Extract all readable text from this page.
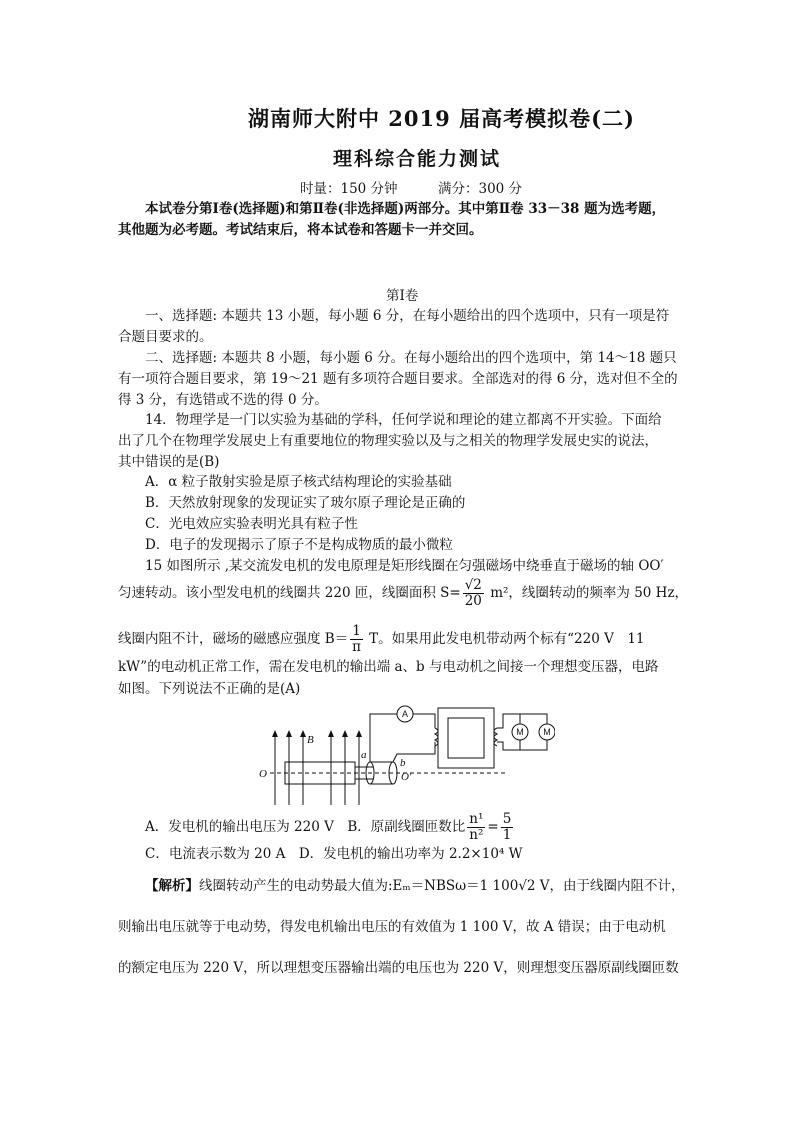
湖南师大附中 2019 届高考模拟卷(二)
理科综合能力测试
时量：150 分钟	满分：300 分
本试卷分第Ⅰ卷(选择题)和第Ⅱ卷(非选择题)两部分。其中第Ⅱ卷 33－38 题为选考题，
其他题为必考题。考试结束后，将本试卷和答题卡一并交回。
第Ⅰ卷
一、选择题: 本题共 13 小题，每小题 6 分，在每小题给出的四个选项中，只有一项是符
合题目要求的。
二、选择题: 本题共 8 小题，每小题 6 分。在每小题给出的四个选项中，第 14～18 题只
有一项符合题目要求，第 19～21 题有多项符合题目要求。全部选对的得 6 分，选对但不全的
得 3 分，有选错或不选的得 0 分。
14．物理学是一门以实验为基础的学科，任何学说和理论的建立都离不开实验。下面给
出了几个在物理学发展史上有重要地位的物理实验以及与之相关的物理学发展史实的说法，
其中错误的是(B)
A．α 粒子散射实验是原子核式结构理论的实验基础
B．天然放射现象的发现证实了玻尔原子理论是正确的
C．光电效应实验表明光具有粒子性
D．电子的发现揭示了原子不是构成物质的最小微粒
15 如图所示 ,某交流发电机的发电原理是矩形线圈在匀强磁场中绕垂直于磁场的轴 OO′
匀速转动。该小型发电机的线圈共 220 匝，线圈面积 $S= \frac{√2}{20} m^2$，线圈转动的频率为 50 Hz，
线圈内阻不计，磁场的磁感应强度 $B= \frac{1}{\pi}$ T。如果用此发电机带动两个标有“220 V　11
kW”的电动机正常工作，需在发电机的输出端 a、b 与电动机之间接一个理想变压器，电路
如图。下列说法不正确的是(A)
B
a
b
O	O′
A
M M
A．发电机的输出电压为 220 V　B．原副线圈匝数比 $\frac{\text{n¹}}{\text{n²}} = \frac{5}{1}$
C．电流表示数为 20 A　D．发电机的输出功率为 2.2×10⁴ W
【解析】线圈转动产生的电动势最大值为:Eₘ＝NBSω＝1 100√2 V，由于线圈内阻不计，
则输出电压就等于电动势，得发电机输出电压的有效值为 1 100 V，故 A 错误；由于电动机
的额定电压为 220 V，所以理想变压器输出端的电压也为 220 V，则理想变压器原副线圈匝数
